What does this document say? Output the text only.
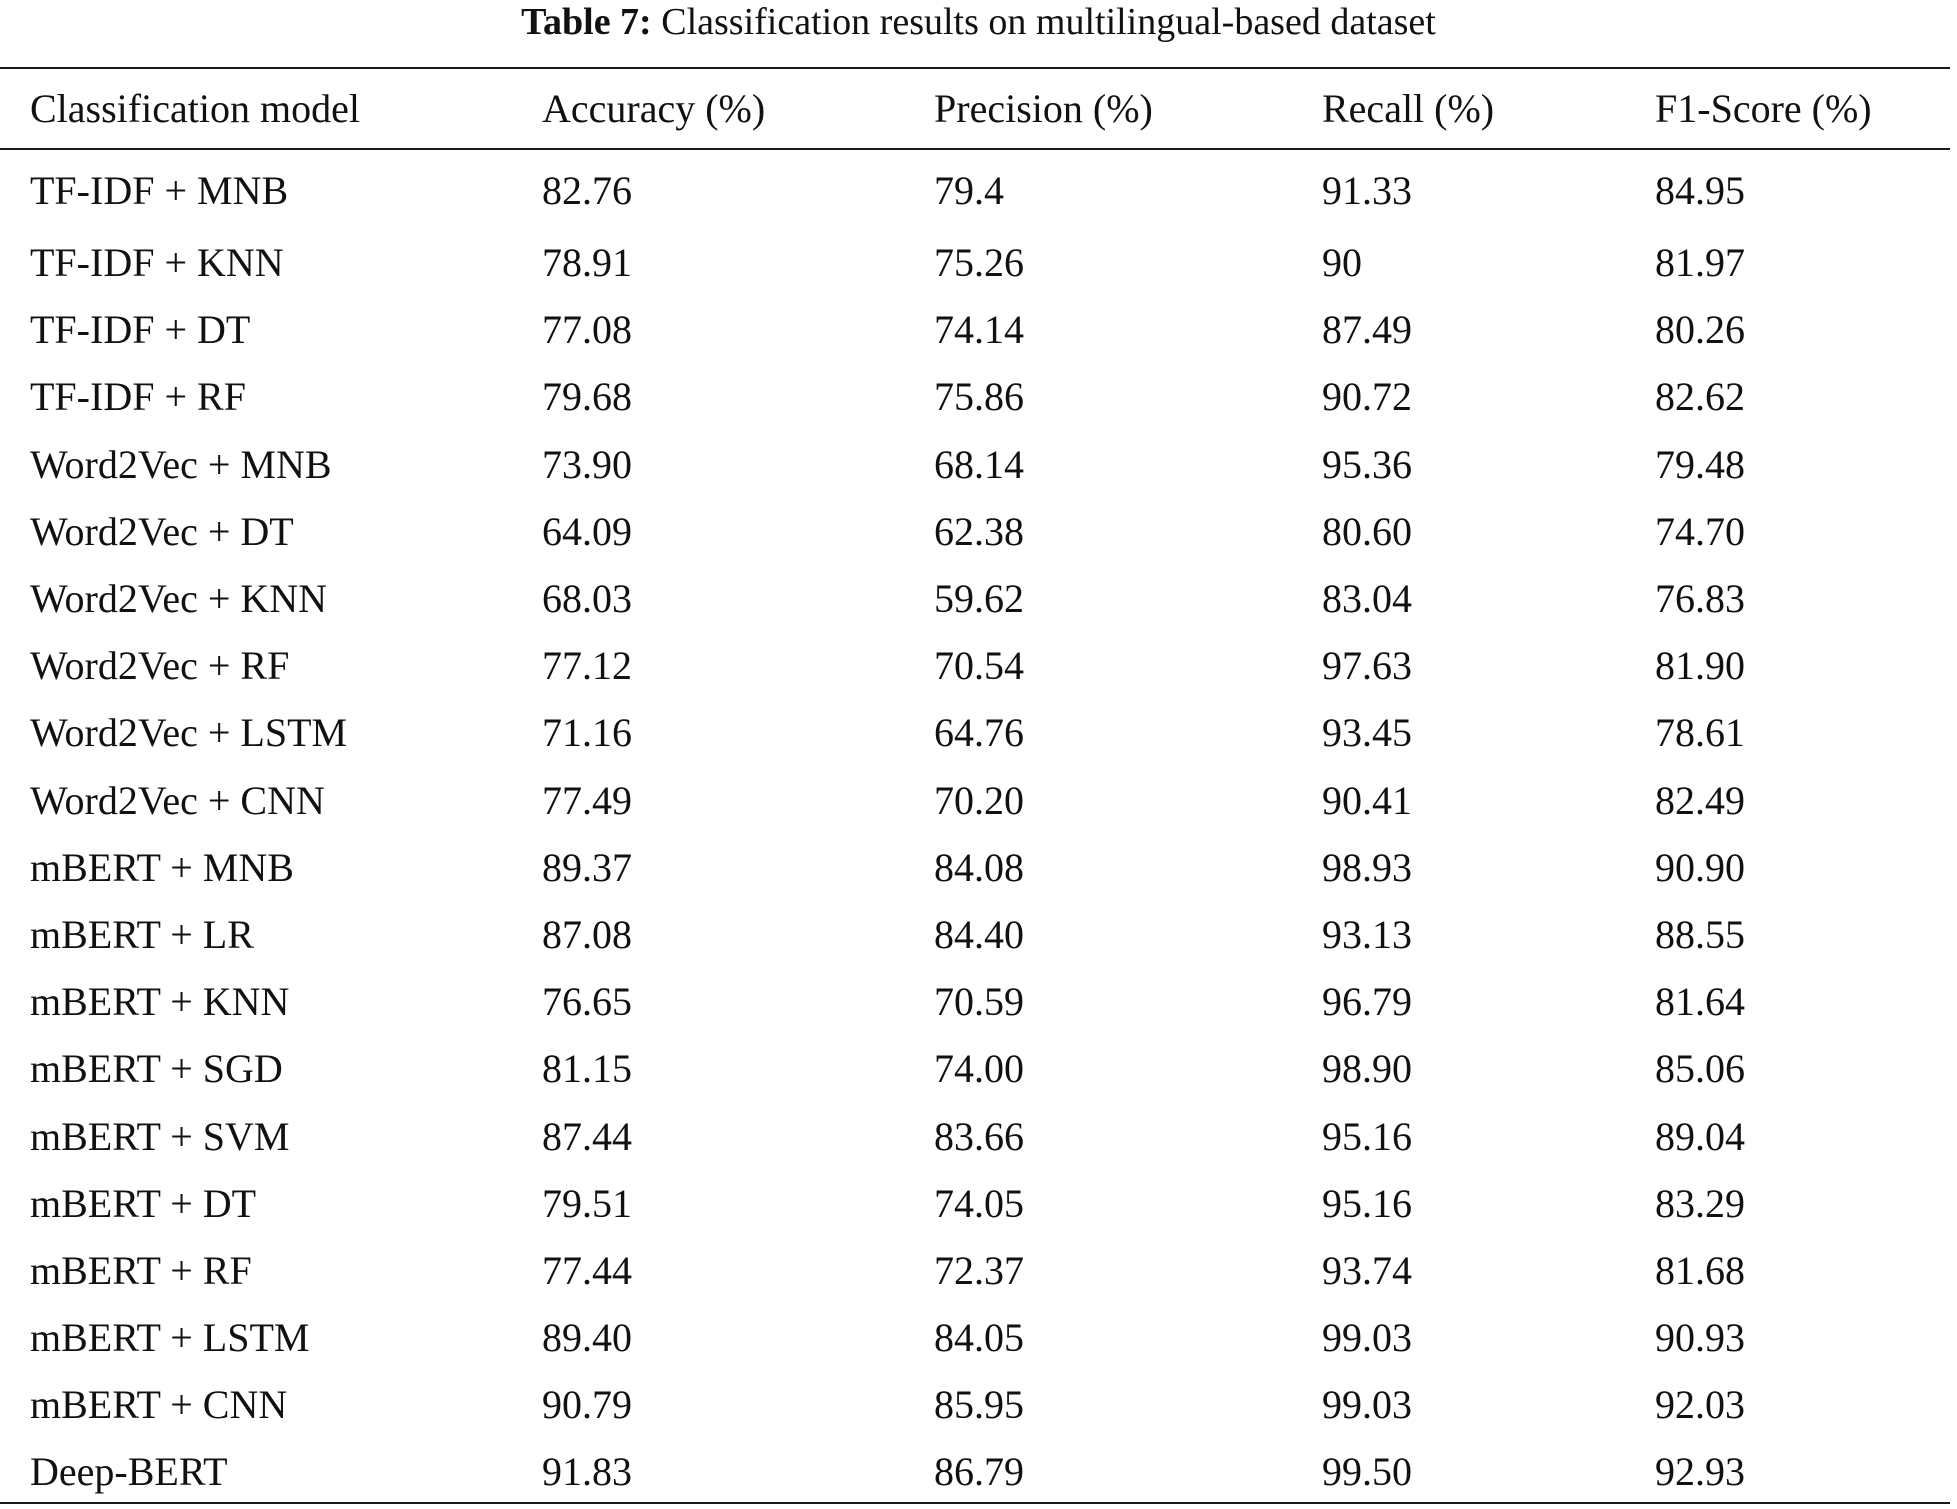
Table 7: Classification results on multilingual-based dataset
Classification model	Accuracy (%)	Precision (%)	Recall (%)	F1-Score (%)
TF-IDF + MNB	82.76	79.4	91.33	84.95
TF-IDF + KNN	78.91	75.26	90	81.97
TF-IDF + DT	77.08	74.14	87.49	80.26
TF-IDF + RF	79.68	75.86	90.72	82.62
Word2Vec + MNB	73.90	68.14	95.36	79.48
Word2Vec + DT	64.09	62.38	80.60	74.70
Word2Vec + KNN	68.03	59.62	83.04	76.83
Word2Vec + RF	77.12	70.54	97.63	81.90
Word2Vec + LSTM	71.16	64.76	93.45	78.61
Word2Vec + CNN	77.49	70.20	90.41	82.49
mBERT + MNB	89.37	84.08	98.93	90.90
mBERT + LR	87.08	84.40	93.13	88.55
mBERT + KNN	76.65	70.59	96.79	81.64
mBERT + SGD	81.15	74.00	98.90	85.06
mBERT + SVM	87.44	83.66	95.16	89.04
mBERT + DT	79.51	74.05	95.16	83.29
mBERT + RF	77.44	72.37	93.74	81.68
mBERT + LSTM	89.40	84.05	99.03	90.93
mBERT + CNN	90.79	85.95	99.03	92.03
Deep-BERT	91.83	86.79	99.50	92.93
